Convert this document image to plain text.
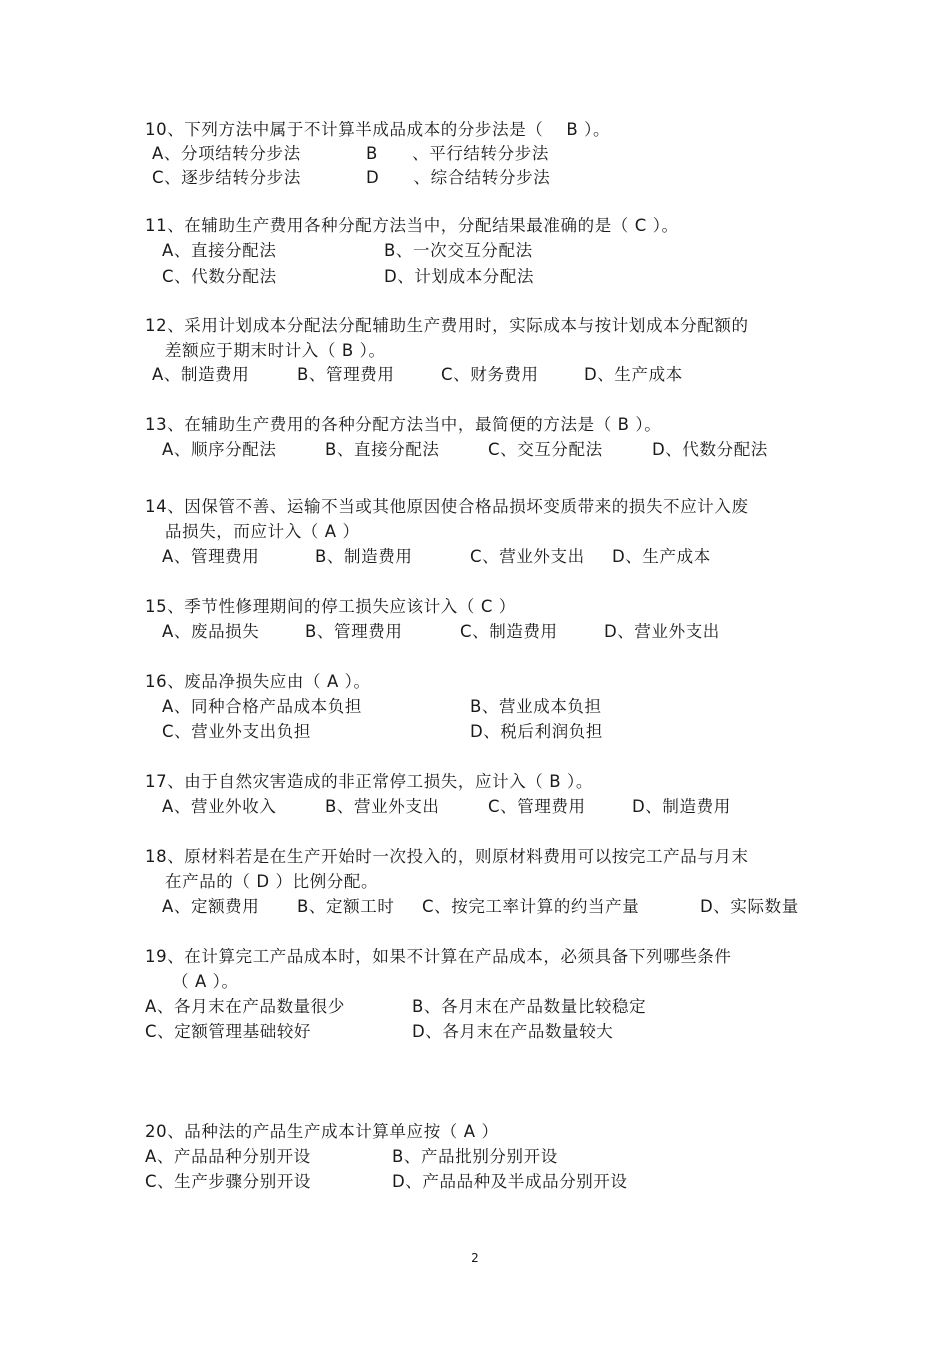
10、下列方法中属于不计算半成品成本的分步法是（ 　B ）。
A、分项结转分步法	B　　、平行结转分步法
C、逐步结转分步法	D　　、综合结转分步法
11、在辅助生产费用各种分配方法当中，分配结果最准确的是（ C ）。
A、直接分配法	B、一次交互分配法
C、代数分配法	D、计划成本分配法
12、采用计划成本分配法分配辅助生产费用时，实际成本与按计划成本分配额的
差额应于期末时计入（ B ）。
A、制造费用	B、管理费用	C、财务费用	D、生产成本
13、在辅助生产费用的各种分配方法当中，最简便的方法是（ B ）。
A、顺序分配法	B、直接分配法	C、交互分配法	D、代数分配法
14、因保管不善、运输不当或其他原因使合格品损坏变质带来的损失不应计入废
品损失，而应计入（ A ）
A、管理费用	B、制造费用	C、营业外支出 D、生产成本
15、季节性修理期间的停工损失应该计入（ C ）
A、废品损失	B、管理费用	C、制造费用	D、营业外支出
16、废品净损失应由（ A ）。
A、同种合格产品成本负担	B、营业成本负担
C、营业外支出负担	D、税后利润负担
17、由于自然灾害造成的非正常停工损失，应计入（ B ）。
A、营业外收入	B、营业外支出	C、管理费用	D、制造费用
18、原材料若是在生产开始时一次投入的，则原材料费用可以按完工产品与月末
在产品的（ D ）比例分配。
A、定额费用 B、定额工时 C、按完工率计算的约当产量	D、实际数量
19、在计算完工产品成本时，如果不计算在产品成本，必须具备下列哪些条件
（ A ）。
A、各月末在产品数量很少	B、各月末在产品数量比较稳定
C、定额管理基础较好	D、各月末在产品数量较大
20、品种法的产品生产成本计算单应按（ A ）
A、产品品种分别开设	B、产品批别分别开设
C、生产步骤分别开设	D、产品品种及半成品分别开设
2
